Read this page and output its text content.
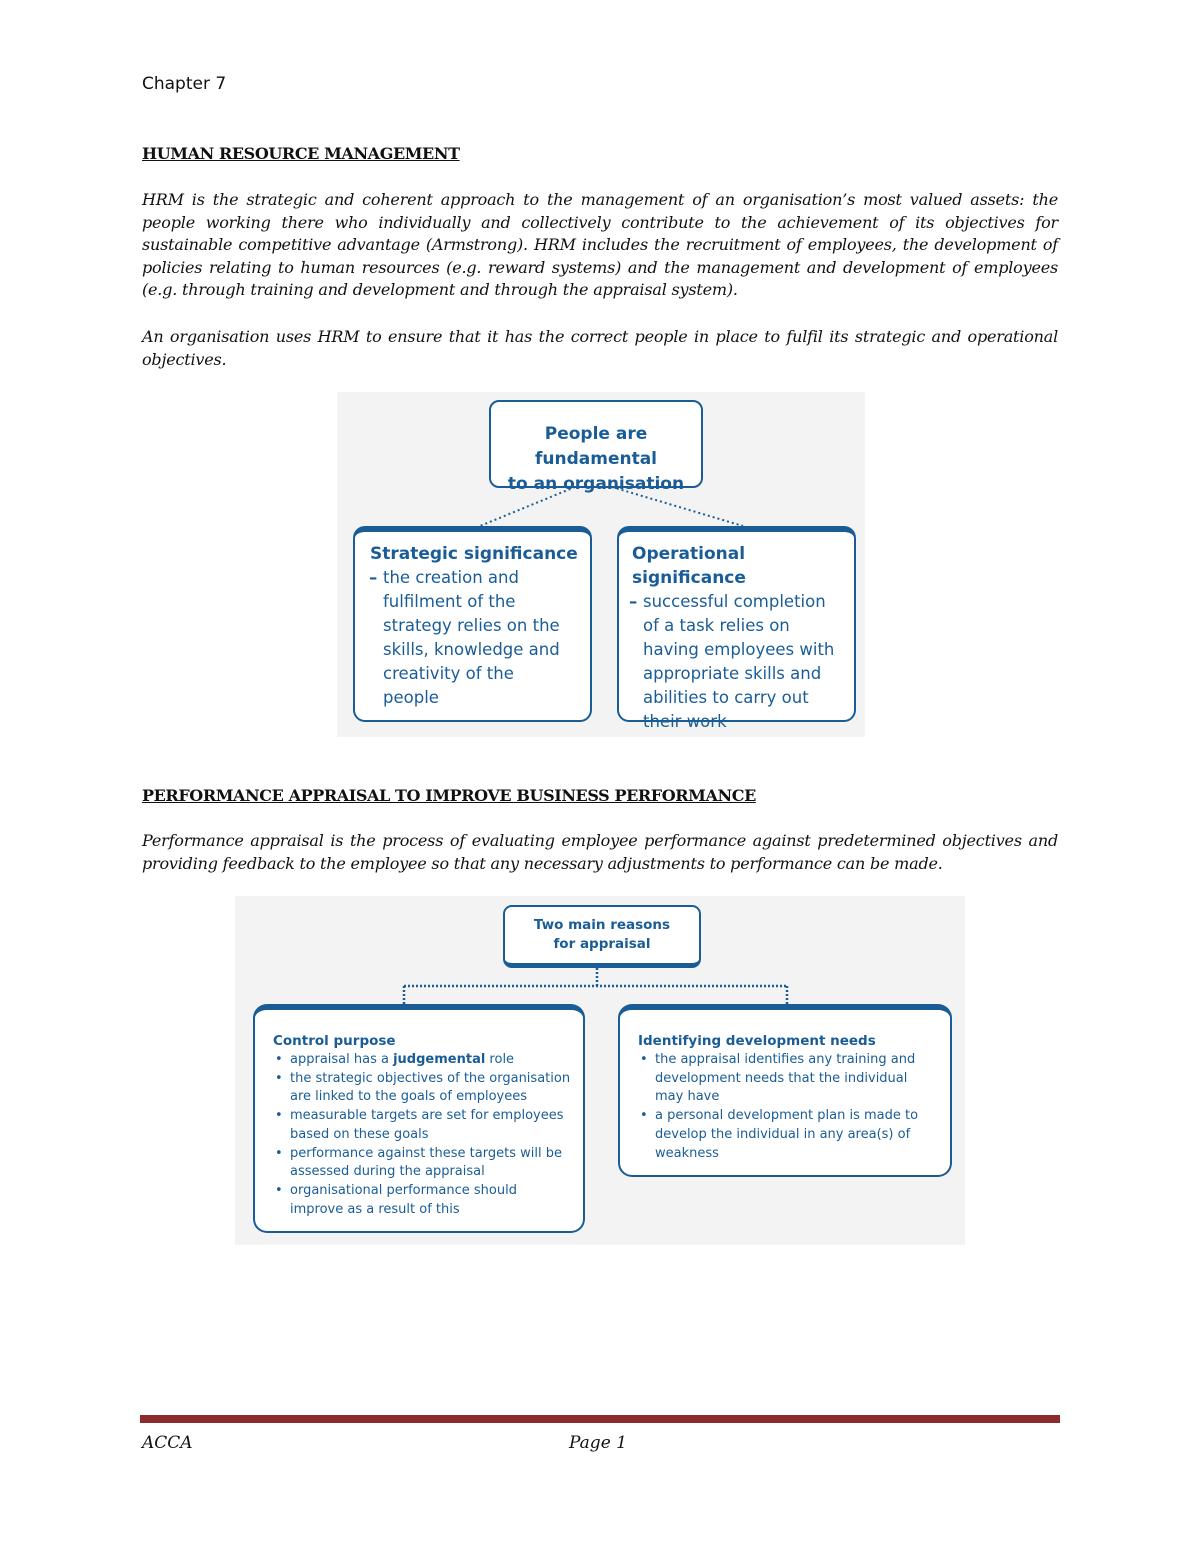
Chapter 7
HUMAN RESOURCE MANAGEMENT

HRM is the strategic and coherent approach to the management of an organisation’s most valued assets: the people working there who individually and collectively contribute to the achievement of its objectives for sustainable competitive advantage (Armstrong). HRM includes the recruitment of employees, the development of policies relating to human resources (e.g. reward systems) and the management and development of employees (e.g. through training and development and through the appraisal system).

An organisation uses HRM to ensure that it has the correct people in place to fulfil its strategic and operational objectives.

People are fundamental
to an organisation
Strategic significance
– the creation and fulfilment of the strategy relies on the skills, knowledge and creativity of the people
Operational significance
– successful completion of a task relies on having employees with appropriate skills and abilities to carry out their work
PERFORMANCE APPRAISAL TO IMPROVE BUSINESS PERFORMANCE

Performance appraisal is the process of evaluating employee performance against predetermined objectives and providing feedback to the employee so that any necessary adjustments to performance can be made.

Two main reasons
for appraisal
Control purpose
• appraisal has a judgemental role
• the strategic objectives of the organisation
are linked to the goals of employees
• measurable targets are set for employees
based on these goals
• performance against these targets will be
assessed during the appraisal
• organisational performance should
improve as a result of this
Identifying development needs
• the appraisal identifies any training and
development needs that the individual
may have
• a personal development plan is made to
develop the individual in any area(s) of
weakness
ACCA	Page 1
